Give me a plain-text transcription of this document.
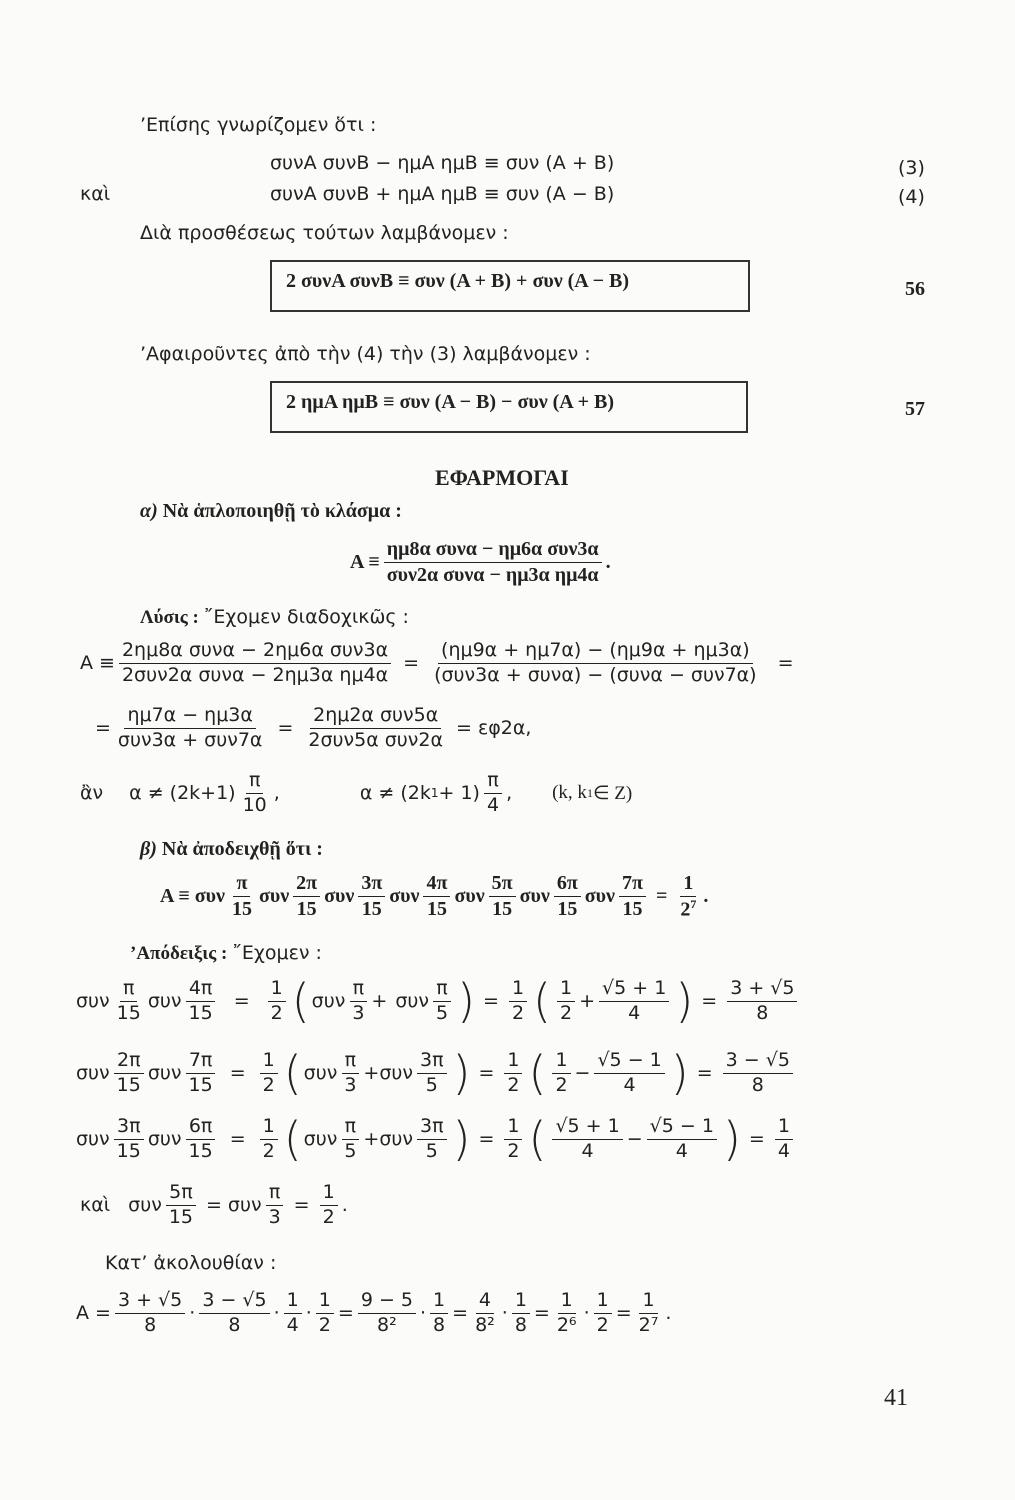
’Επίσης γνωρίζομεν ὅτι :
συνA συνB − ημA ημB ≡ συν (A + B)	(3)
καὶ	συνA συνB + ημA ημB ≡ συν (A − B)	(4)
Διὰ προσθέσεως τούτων λαμβάνομεν :
2 συνA συνB ≡ συν (A + B) + συν (A − B)	56
’Αφαιροῦντες ἀπὸ τὴν (4) τὴν (3) λαμβάνομεν :
2 ημA ημB ≡ συν (A − B) − συν (A + B)	57
ΕΦΑΡΜΟΓΑΙ
α) Νὰ ἁπλοποιηθῇ τὸ κλάσμα :
$A \equiv \frac{\text{ημ8α συνα − ημ6α συν3α}}{\text{συν2α συνα − ημ3α ημ4α}}$ .
Λύσις : ῎Εχομεν διαδοχικῶς :
$A \equiv \frac{\text{2ημ8α συνα − 2ημ6α συν3α}}{\text{2συν2α συνα − 2ημ3α ημ4α}} = \frac{(\eta\mu 9\alpha + \eta\mu 7\alpha) - (\eta\mu 9\alpha + \eta\mu 3\alpha)}{\text{(συν3α + συνα) − (συνα − συν7α)}}$ =
= $\frac{\eta\mu 7\alpha - \eta\mu 3\alpha}{\text{συν3α + συν7α}} = \frac{\text{2ημ2α συν5α}}{\text{2συν5α συν2α}} = \varepsilon\varphi 2\alpha$,
ἂν $\alpha \ne (2k+1) \frac{\pi}{10}$ ,	α ≠ (2k $1 + 1) \frac{\pi}{4}$ , (k, k 1 ∈ Z)
β) Νὰ ἀποδειχθῇ ὅτι :
A ≡ συν $\frac{\pi}{15}$ συν $\frac{2\pi}{15}$ συν $\frac{3\pi}{15}$ συν $\frac{4\pi}{15}$ συν $\frac{5\pi}{15}$ συν $\frac{6\pi}{15}$ συν $\frac{7\pi}{15} = \frac{1}{2^7}$ .
’Απόδειξις : ῎Εχομεν :
συν $\frac{\pi}{15}$ συν $\frac{4\pi}{15} = \frac{1}{2}$ ( συν $\frac{\pi}{3} + \sigma\upsilon\nu \frac{\pi}{5}$ ) = $\frac{1}{2}$ ( $\frac{1}{2} + \frac{√5 + 1}{4}$ ) = $\frac{3 + √5}{8}$
συν $\frac{2\pi}{15}$ συν $\frac{7\pi}{15} = \frac{1}{2}$ ( συν $\frac{\pi}{3} + \sigma\upsilon\nu \frac{3\pi}{5}$ ) = $\frac{1}{2}$ ( $\frac{1}{2} - \frac{√5 - 1}{4}$ ) = $\frac{3 - √5}{8}$
συν $\frac{3\pi}{15}$ συν $\frac{6\pi}{15} = \frac{1}{2}$ ( συν $\frac{\pi}{5} + \sigma\upsilon\nu \frac{3\pi}{5}$ ) = $\frac{1}{2}$ ( $\frac{√5 + 1}{4} - \frac{√5 - 1}{4}$ ) = $\frac{1}{4}$
καὶ συν $\frac{5\pi}{15} = \sigma\upsilon\nu \frac{\pi}{3} = \frac{1}{2}$ .
Κατ’ ἀκολουθίαν :
$A = \frac{3 + √5}{8} \cdot \frac{3 - √5}{8} \cdot \frac{1}{4} \cdot \frac{1}{2} = \frac{9 - 5}{\text{8²}} \cdot \frac{1}{8} = \frac{4}{\text{8²}} \cdot \frac{1}{8} = \frac{1}{\text{2⁶}} \cdot \frac{1}{2} = \frac{1}{\text{2⁷}}$ .
41
